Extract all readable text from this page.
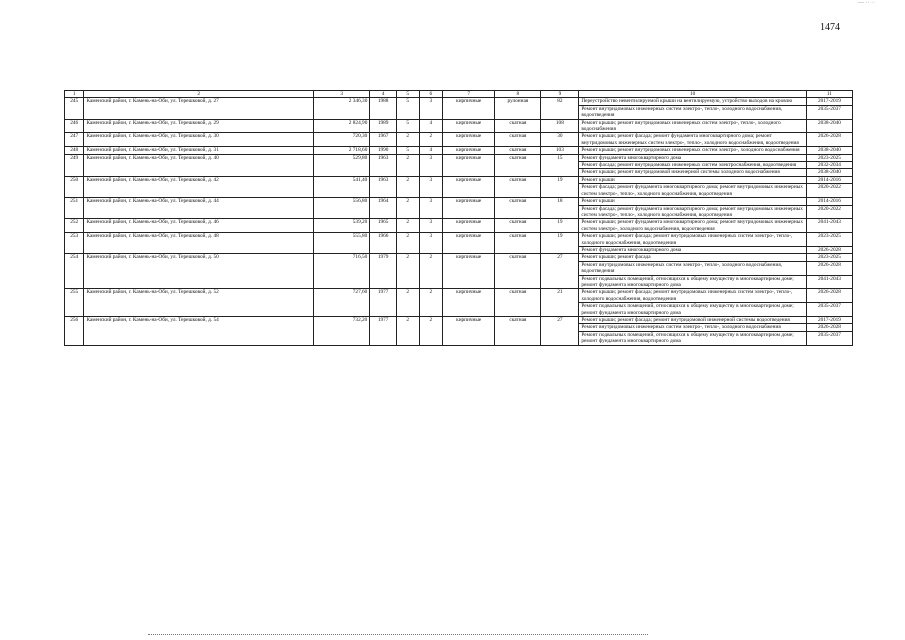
— ·· ··
1474
1	2	3	4	5	6	7	8	9	10	11
245	Каменский район, г. Камень-на-Оби, ул. Терешковой, д. 27	2 346,30	1988	5	3	кирпичные	рулонная	82	Переустройство невентилируемой крыши на вентилируемую, устройство выходов на кровлю	2017-2019
									Ремонт внутридомовых инженерных систем электро-, тепло-, холодного водоснабжения, водоотведения	2035-2037
246	Каменский район, г. Камень-на-Оби, ул. Терешковой, д. 29	2 824,90	1989	5	4	кирпичные	скатная	108	Ремонт крыши; ремонт внутридомовых инженерных систем электро-, тепло-, холодного водоснабжения	2038-2040
247	Каменский район, г. Камень-на-Оби, ул. Терешковой, д. 30	720,30	1967	2	2	кирпичные	скатная	30	Ремонт крыши; ремонт фасада; ремонт фундамента многоквартирного дома; ремонт внутридомовых инженерных систем электро-, тепло-, холодного водоснабжения, водоотведения	2026-2028
248	Каменский район, г. Камень-на-Оби, ул. Терешковой, д. 31	2 718,60	1990	5	4	кирпичные	скатная	103	Ремонт крыши; ремонт внутридомовых инженерных систем электро-, холодного водоснабжения	2038-2040
249	Каменский район, г. Камень-на-Оби, ул. Терешковой, д. 40	529,80	1963	2	3	кирпичные	скатная	15	Ремонт фундамента многоквартирного дома	2023-2025
									Ремонт фасада; ремонт внутридомовых инженерных систем электроснабжения, водоотведения	2032-2034
									Ремонт крыши; ремонт внутридомовой инженерной системы холодного водоснабжения	2038-2040
250	Каменский район, г. Камень-на-Оби, ул. Терешковой, д. 42	541,40	1963	2	3	кирпичные	скатная	19	Ремонт крыши	2014-2016
									Ремонт фасада; ремонт фундамента многоквартирного дома; ремонт внутридомовых инженерных систем электро-, тепло-, холодного водоснабжения, водоотведения	2020-2022
251	Каменский район, г. Камень-на-Оби, ул. Терешковой, д. 44	556,80	1964	2	3	кирпичные	скатная	18	Ремонт крыши	2014-2016
									Ремонт фасада; ремонт фундамента многоквартирного дома; ремонт внутридомовых инженерных систем электро-, тепло-, холодного водоснабжения, водоотведения	2020-2022
252	Каменский район, г. Камень-на-Оби, ул. Терешковой, д. 46	539,20	1965	2	3	кирпичные	скатная	19	Ремонт крыши; ремонт фундамента многоквартирного дома; ремонт внутридомовых инженерных систем электро-, холодного водоснабжения, водоотведения	2041-2043
253	Каменский район, г. Камень-на-Оби, ул. Терешковой, д. 48	555,80	1966	2	3	кирпичные	скатная	19	Ремонт крыши; ремонт фасада; ремонт внутридомовых инженерных систем электро-, тепло-, холодного водоснабжения, водоотведения	2023-2025
									Ремонт фундамента многоквартирного дома	2026-2028
254	Каменский район, г. Камень-на-Оби, ул. Терешковой, д. 50	716,50	1979	2	2	кирпичные	скатная	27	Ремонт крыши; ремонт фасада	2023-2025
									Ремонт внутридомовых инженерных систем электро-, тепло-, холодного водоснабжения, водоотведения	2026-2028
									Ремонт подвальных помещений, относящихся к общему имуществу в многоквартирном доме; ремонт фундамента многоквартирного дома	2041-2043
255	Каменский район, г. Камень-на-Оби, ул. Терешковой, д. 52	727,60	1977	2	2	кирпичные	скатная	21	Ремонт крыши; ремонт фасада; ремонт внутридомовых инженерных систем электро-, тепло-, холодного водоснабжения, водоотведения	2026-2028
									Ремонт подвальных помещений, относящихся к общему имуществу в многоквартирном доме; ремонт фундамента многоквартирного дома	2035-2037
256	Каменский район, г. Камень-на-Оби, ул. Терешковой, д. 54	732,20	1977	2	2	кирпичные	скатная	27	Ремонт крыши; ремонт фасада; ремонт внутридомовой инженерной системы водоотведения	2017-2019
									Ремонт внутридомовых инженерных систем электро-, тепло-, холодного водоснабжения	2026-2028
									Ремонт подвальных помещений, относящихся к общему имуществу в многоквартирном доме; ремонт фундамента многоквартирного дома	2035-2037
